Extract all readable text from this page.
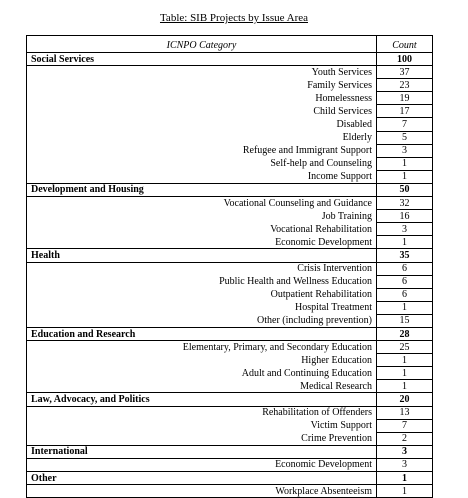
Table: SIB Projects by Issue Area
ICNPO Category	Count
Social Services	100
Youth Services	37
Family Services	23
Homelessness	19
Child Services	17
Disabled	7
Elderly	5
Refugee and Immigrant Support	3
Self-help and Counseling	1
Income Support	1
Development and Housing	50
Vocational Counseling and Guidance	32
Job Training	16
Vocational Rehabilitation	3
Economic Development	1
Health	35
Crisis Intervention	6
Public Health and Wellness Education	6
Outpatient Rehabilitation	6
Hospital Treatment	1
Other (including prevention)	15
Education and Research	28
Elementary, Primary, and Secondary Education	25
Higher Education	1
Adult and Continuing Education	1
Medical Research	1
Law, Advocacy, and Politics	20
Rehabilitation of Offenders	13
Victim Support	7
Crime Prevention	2
International	3
Economic Development	3
Other	1
Workplace Absenteeism	1
